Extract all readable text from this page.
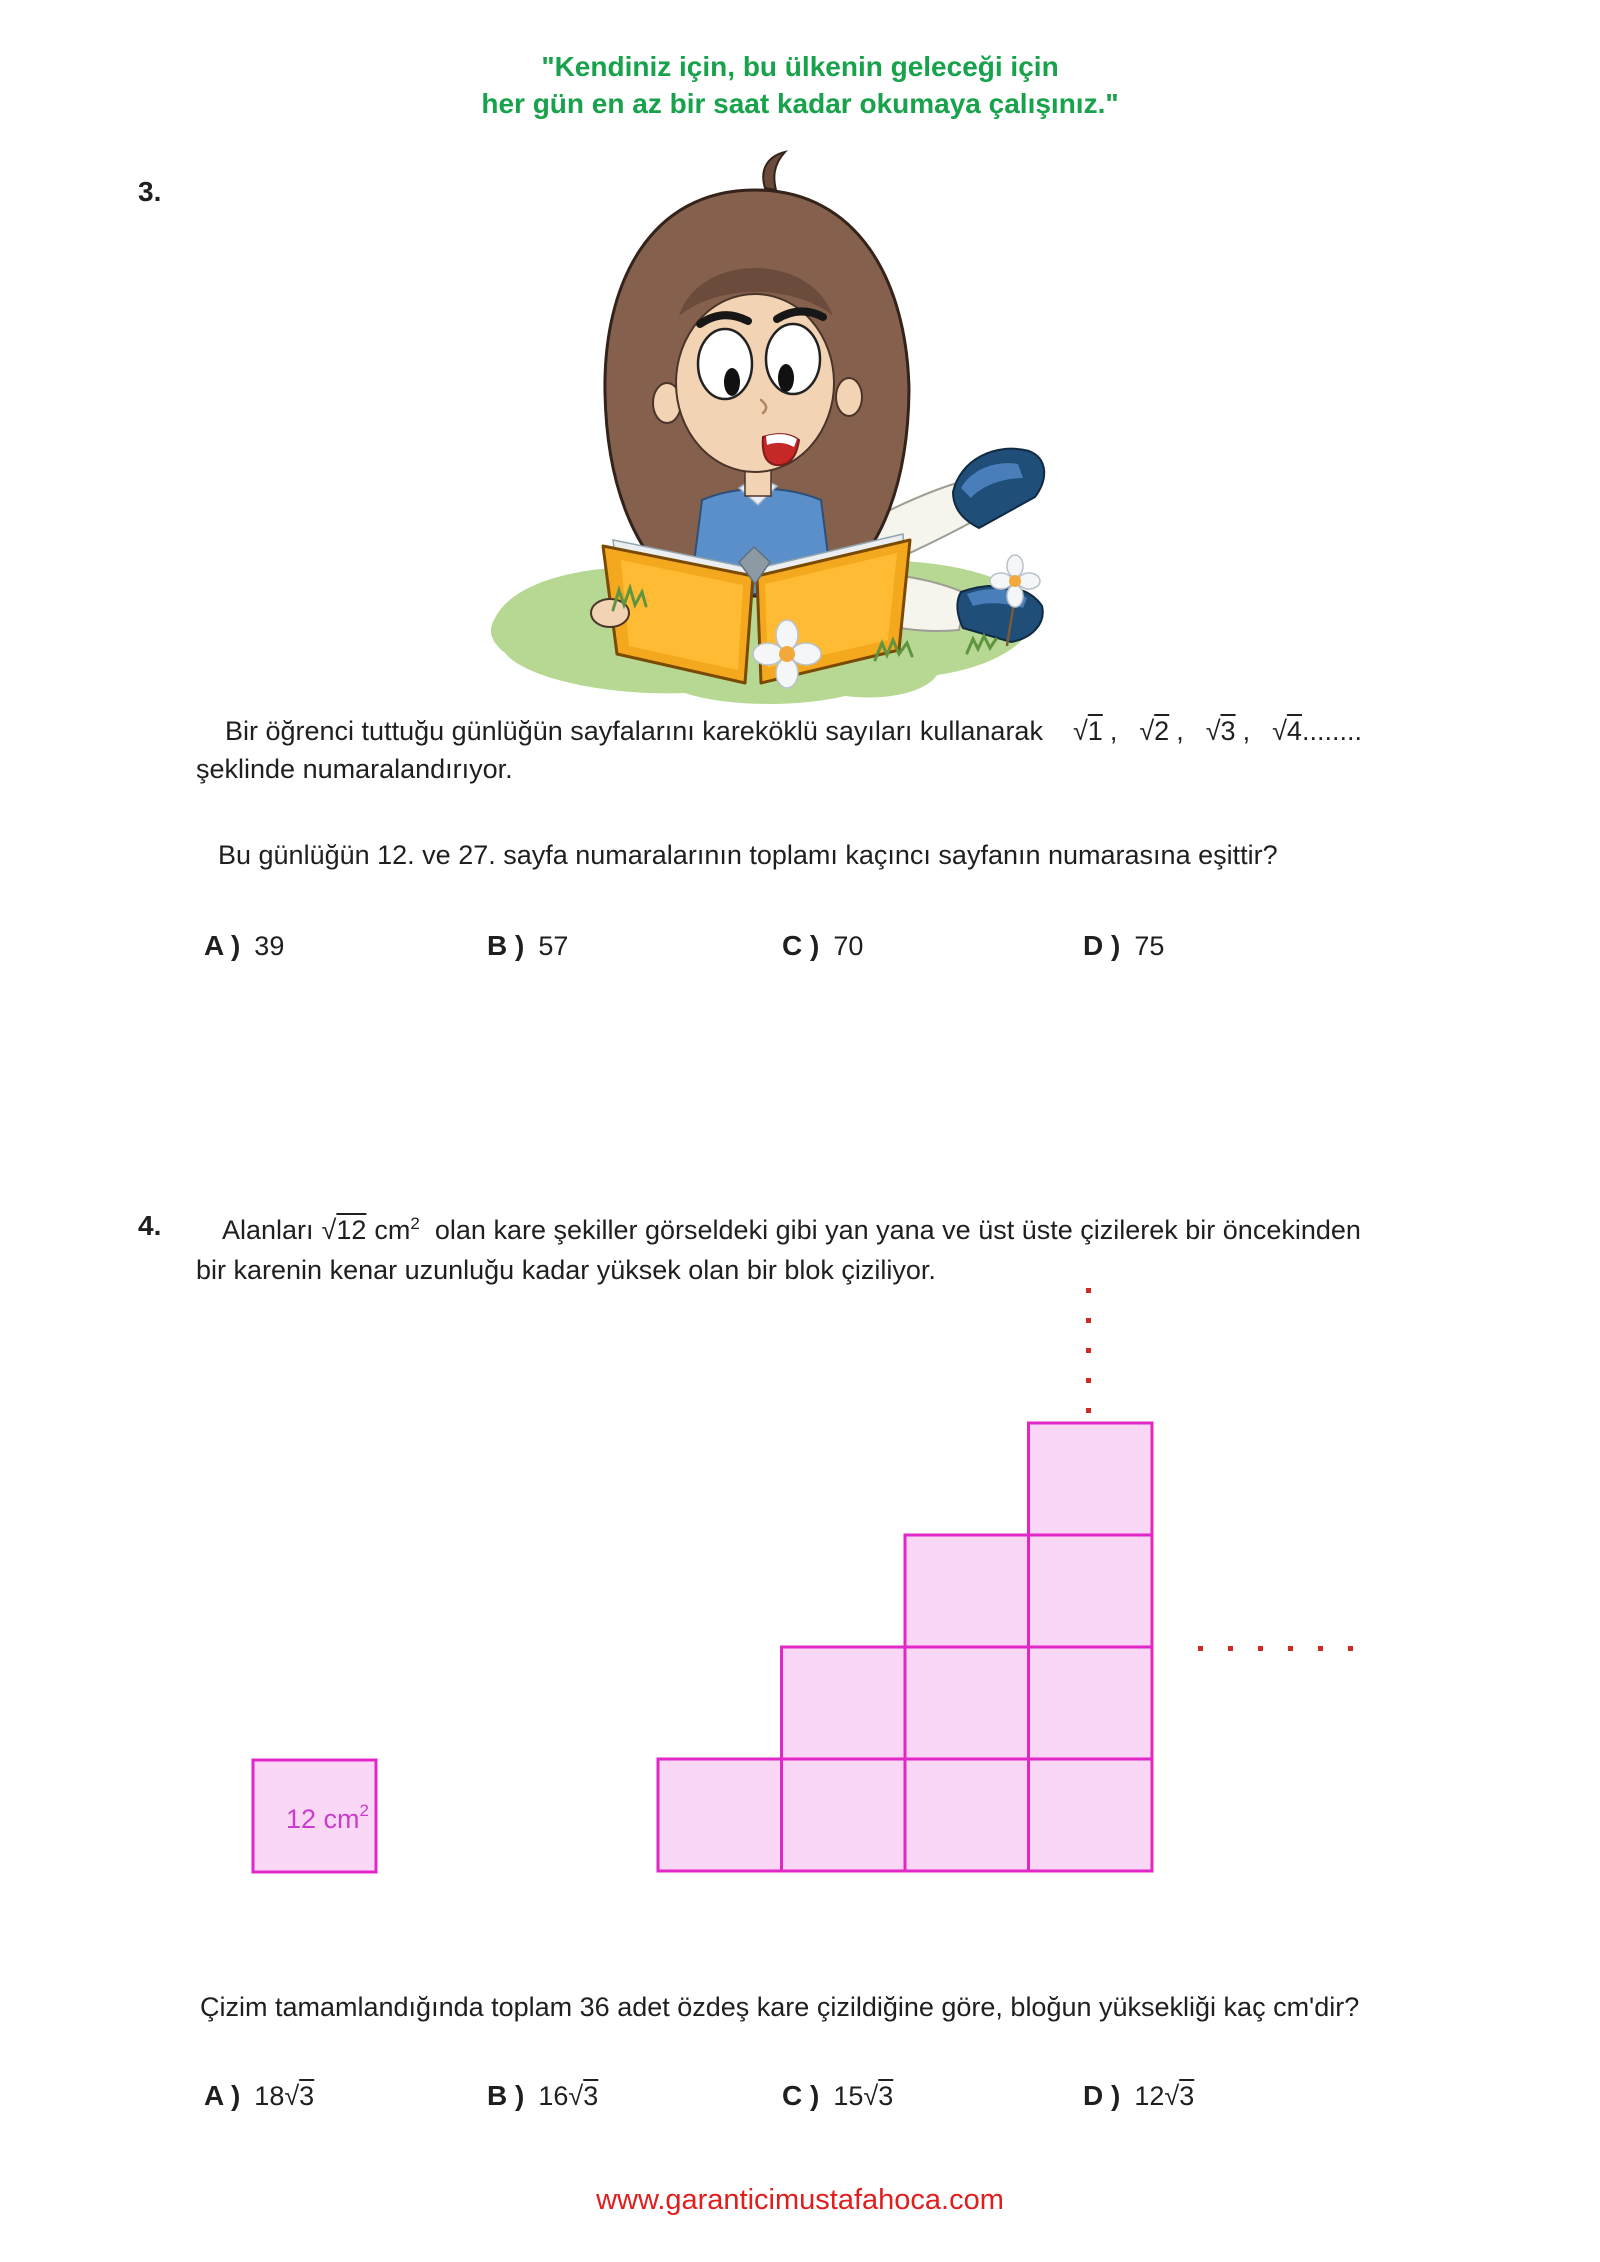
"Kendiniz için, bu ülkenin geleceği için
her gün en az bir saat kadar okumaya çalışınız."
3.
Bir öğrenci tuttuğu günlüğün sayfalarını kareköklü sayıları kullanarak √1 , √2 , √3 , √4........
şeklinde numaralandırıyor.
Bu günlüğün 12. ve 27. sayfa numaralarının toplamı kaçıncı sayfanın numarasına eşittir?
A ) 39	B ) 57	C ) 70	D ) 75
4.	Alanları √12 $cm^2$ olan kare şekiller görseldeki gibi yan yana ve üst üste çizilerek bir öncekinden
bir karenin kenar uzunluğu kadar yüksek olan bir blok çiziliyor.
12 $cm^2$
Çizim tamamlandığında toplam 36 adet özdeş kare çizildiğine göre, bloğun yüksekliği kaç cm'dir?
A ) 18√3	B ) 16√3	C ) 15√3	D ) 12√3
www.garanticimustafahoca.com
